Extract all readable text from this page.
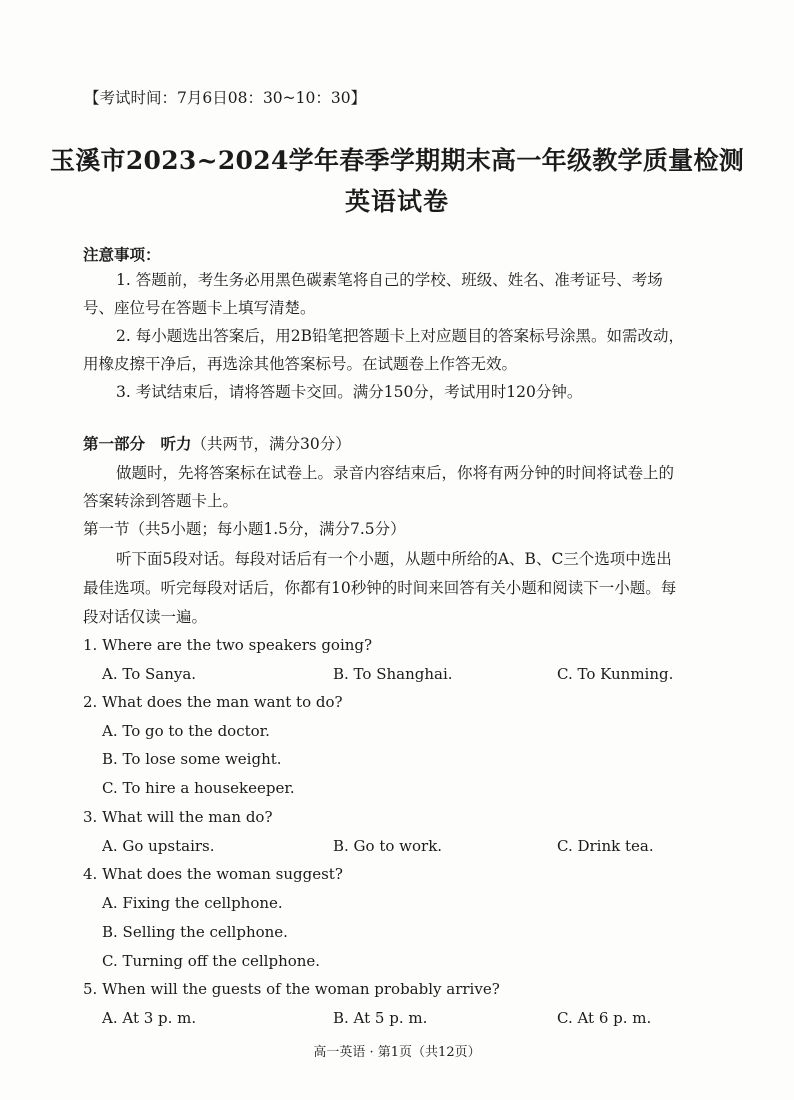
【考试时间：7月6日08：30~10：30】
玉溪市2023~2024学年春季学期期末高一年级教学质量检测
英语试卷
注意事项：
1. 答题前，考生务必用黑色碳素笔将自己的学校、班级、姓名、准考证号、考场
号、座位号在答题卡上填写清楚。
2. 每小题选出答案后，用2B铅笔把答题卡上对应题目的答案标号涂黑。如需改动，
用橡皮擦干净后，再选涂其他答案标号。在试题卷上作答无效。
3. 考试结束后，请将答题卡交回。满分150分，考试用时120分钟。
第一部分　听力（共两节，满分30分）
做题时，先将答案标在试卷上。录音内容结束后，你将有两分钟的时间将试卷上的
答案转涂到答题卡上。
第一节（共5小题；每小题1.5分，满分7.5分）
听下面5段对话。每段对话后有一个小题，从题中所给的A、B、C三个选项中选出
最佳选项。听完每段对话后，你都有10秒钟的时间来回答有关小题和阅读下一小题。每
段对话仅读一遍。
1. Where are the two speakers going?
A. To Sanya.	B. To Shanghai.	C. To Kunming.
2. What does the man want to do?
A. To go to the doctor.
B. To lose some weight.
C. To hire a housekeeper.
3. What will the man do?
A. Go upstairs.	B. Go to work.	C. Drink tea.
4. What does the woman suggest?
A. Fixing the cellphone.
B. Selling the cellphone.
C. Turning off the cellphone.
5. When will the guests of the woman probably arrive?
A. At 3 p. m.	B. At 5 p. m.	C. At 6 p. m.
高一英语 · 第1页（共12页）
